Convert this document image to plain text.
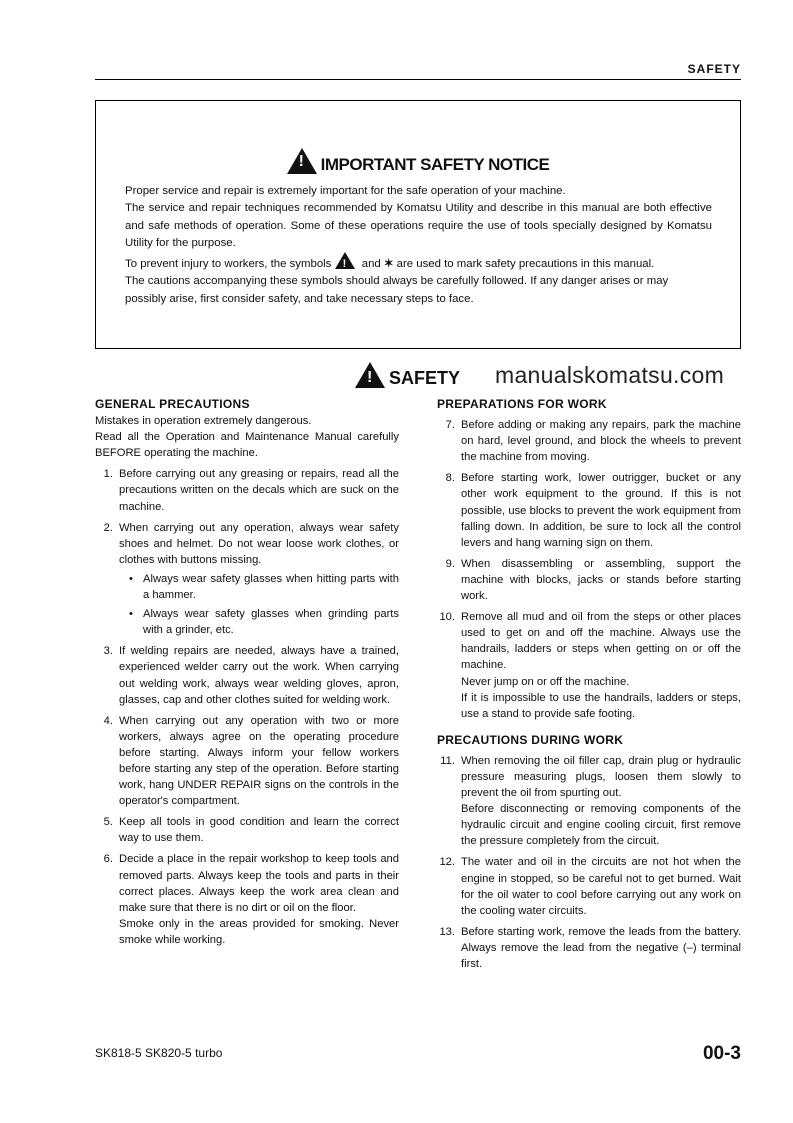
SAFETY
!IMPORTANT SAFETY NOTICE
Proper service and repair is extremely important for the safe operation of your machine.
The service and repair techniques recommended by Komatsu Utility and describe in this manual are both effective and safe methods of operation. Some of these operations require the use of tools specially designed by Komatsu Utility for the purpose.
To prevent injury to workers, the symbols !	and ✶ are used to mark safety precautions in this manual.
The cautions accompanying these symbols should always be carefully followed. If any danger arises or may possibly arise, first consider safety, and take necessary steps to face.
!SAFETY manualskomatsu.com
GENERAL PRECAUTIONS
Mistakes in operation extremely dangerous.
Read all the Operation and Maintenance Manual carefully BEFORE operating the machine.
1. Before carrying out any greasing or repairs, read all the precautions written on the decals which are suck on the machine.
2. When carrying out any operation, always wear safety shoes and helmet. Do not wear loose work clothes, or clothes with buttons missing.
• Always wear safety glasses when hitting parts with a hammer.
• Always wear safety glasses when grinding parts with a grinder, etc.
3. If welding repairs are needed, always have a trained, experienced welder carry out the work. When carrying out welding work, always wear welding gloves, apron, glasses, cap and other clothes suited for welding work.
4. When carrying out any operation with two or more workers, always agree on the operating procedure before starting. Always inform your fellow workers before starting any step of the operation. Before starting work, hang UNDER REPAIR signs on the controls in the operator's compartment.
5. Keep all tools in good condition and learn the correct way to use them.
6. Decide a place in the repair workshop to keep tools and removed parts. Always keep the tools and parts in their correct places. Always keep the work area clean and make sure that there is no dirt or oil on the floor.
Smoke only in the areas provided for smoking. Never smoke while working.
PREPARATIONS FOR WORK
7. Before adding or making any repairs, park the machine on hard, level ground, and block the wheels to prevent the machine from moving.
8. Before starting work, lower outrigger, bucket or any other work equipment to the ground. If this is not possible, use blocks to prevent the work equipment from falling down. In addition, be sure to lock all the control levers and hang warning sign on them.
9. When disassembling or assembling, support the machine with blocks, jacks or stands before starting work.
10. Remove all mud and oil from the steps or other places used to get on and off the machine. Always use the handrails, ladders or steps when getting on or off the machine.
Never jump on or off the machine.
If it is impossible to use the handrails, ladders or steps, use a stand to provide safe footing.
PRECAUTIONS DURING WORK
11. When removing the oil filler cap, drain plug or hydraulic pressure measuring plugs, loosen them slowly to prevent the oil from spurting out.
Before disconnecting or removing components of the hydraulic circuit and engine cooling circuit, first remove the pressure completely from the circuit.
12. The water and oil in the circuits are not hot when the engine in stopped, so be careful not to get burned. Wait for the oil water to cool before carrying out any work on the cooling water circuits.
13. Before starting work, remove the leads from the battery. Always remove the lead from the negative (–) terminal first.
SK818-5 SK820-5 turbo	00-3
